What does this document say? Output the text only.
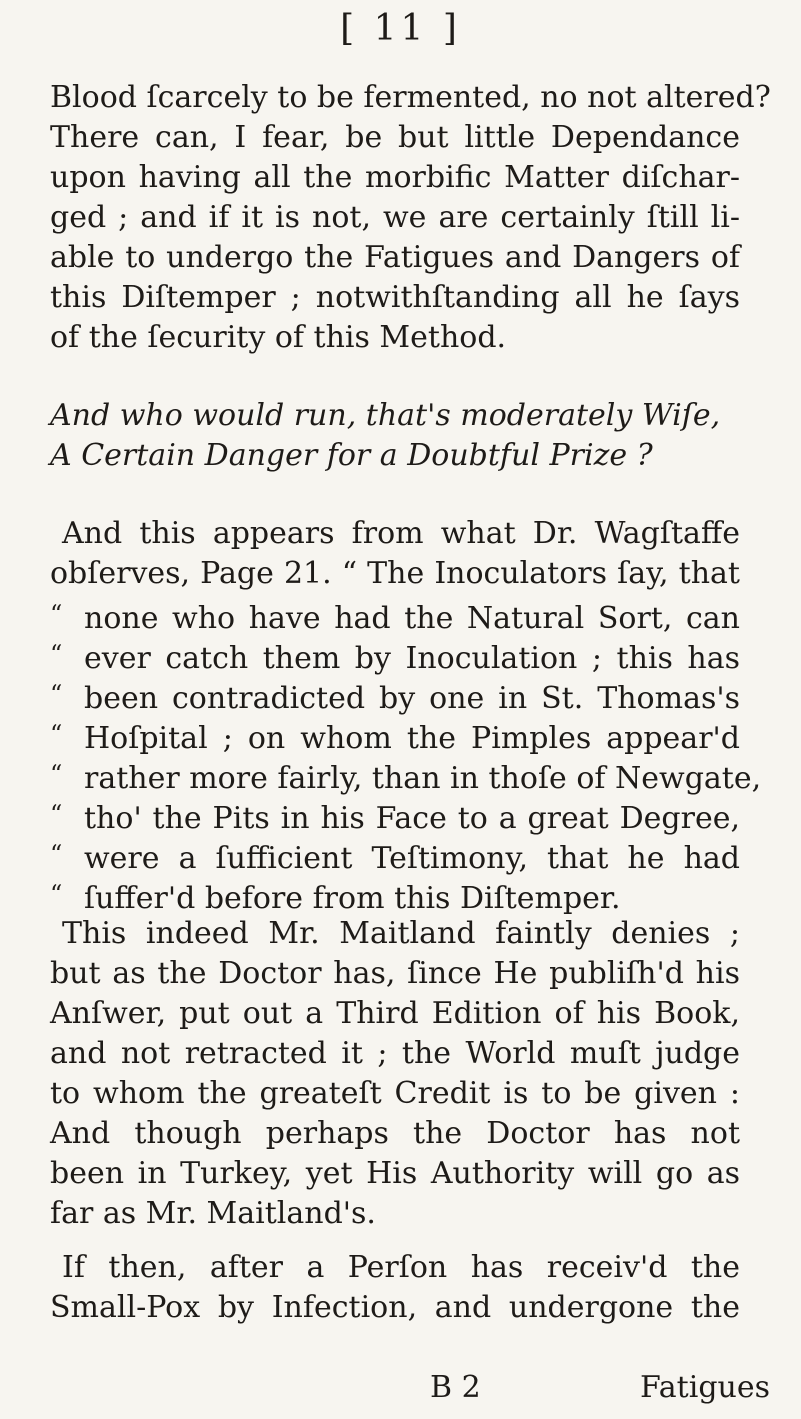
[ 11 ]
Blood ſcarcely to be fermented, no not altered?
There can, I fear, be but little Dependance
upon having all the morbific Matter diſchar-
ged ; and if it is not, we are certainly ſtill li-
able to undergo the Fatigues and Dangers of
this Diſtemper ; notwithſtanding all he ſays
of the ſecurity of this Method.
And who would run, that's moderately Wiſe,
A Certain Danger for a Doubtful Prize ?
And this appears from what Dr. Wagſtaffe
obſerves, Page 21. “ The Inoculators ſay, that
“ none who have had the Natural Sort, can
“ ever catch them by Inoculation ; this has
“ been contradicted by one in St. Thomas's
“ Hoſpital ; on whom the Pimples appear'd
“ rather more fairly, than in thoſe of Newgate,
“ tho' the Pits in his Face to a great Degree,
“ were a ſufficient Teſtimony, that he had
“ ſuffer'd before from this Diſtemper.
This indeed Mr. Maitland faintly denies ;
but as the Doctor has, ſince He publiſh'd his
Anſwer, put out a Third Edition of his Book,
and not retracted it ; the World muſt judge
to whom the greateſt Credit is to be given :
And though perhaps the Doctor has not
been in Turkey, yet His Authority will go as
far as Mr. Maitland's.
If then, after a Perſon has receiv'd the
Small-Pox by Infection, and undergone the
B 2	Fatigues
